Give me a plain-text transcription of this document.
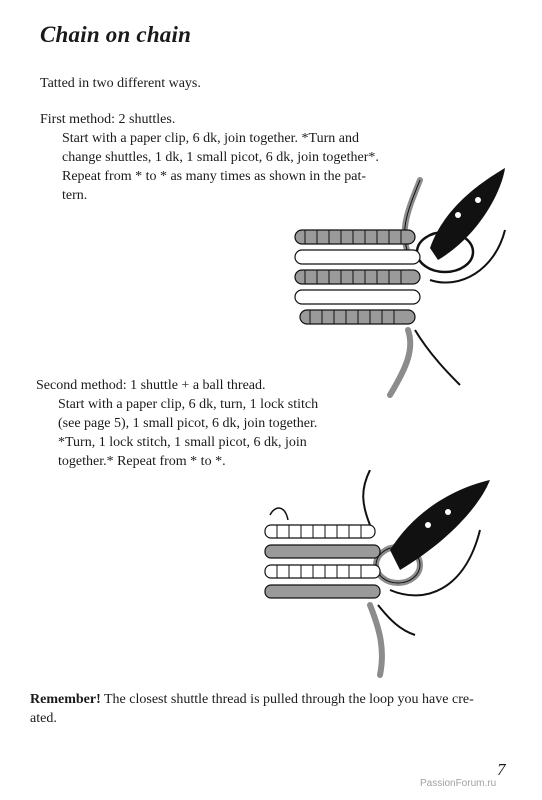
Chain on chain

Tatted in two different ways.

First method: 2 shuttles.

Start with a paper clip, 6 dk, join together. *Turn and
change shuttles, 1 dk, 1 small picot, 6 dk, join together*.
Repeat from * to * as many times as shown in the pat-
tern.

Second method: 1 shuttle + a ball thread.

Start with a paper clip, 6 dk, turn, 1 lock stitch
(see page 5), 1 small picot, 6 dk, join together.
*Turn, 1 lock stitch, 1 small picot, 6 dk, join
together.* Repeat from * to *.

Remember! The closest shuttle thread is pulled through the loop you have cre-
ated.

7
PassionForum.ru
